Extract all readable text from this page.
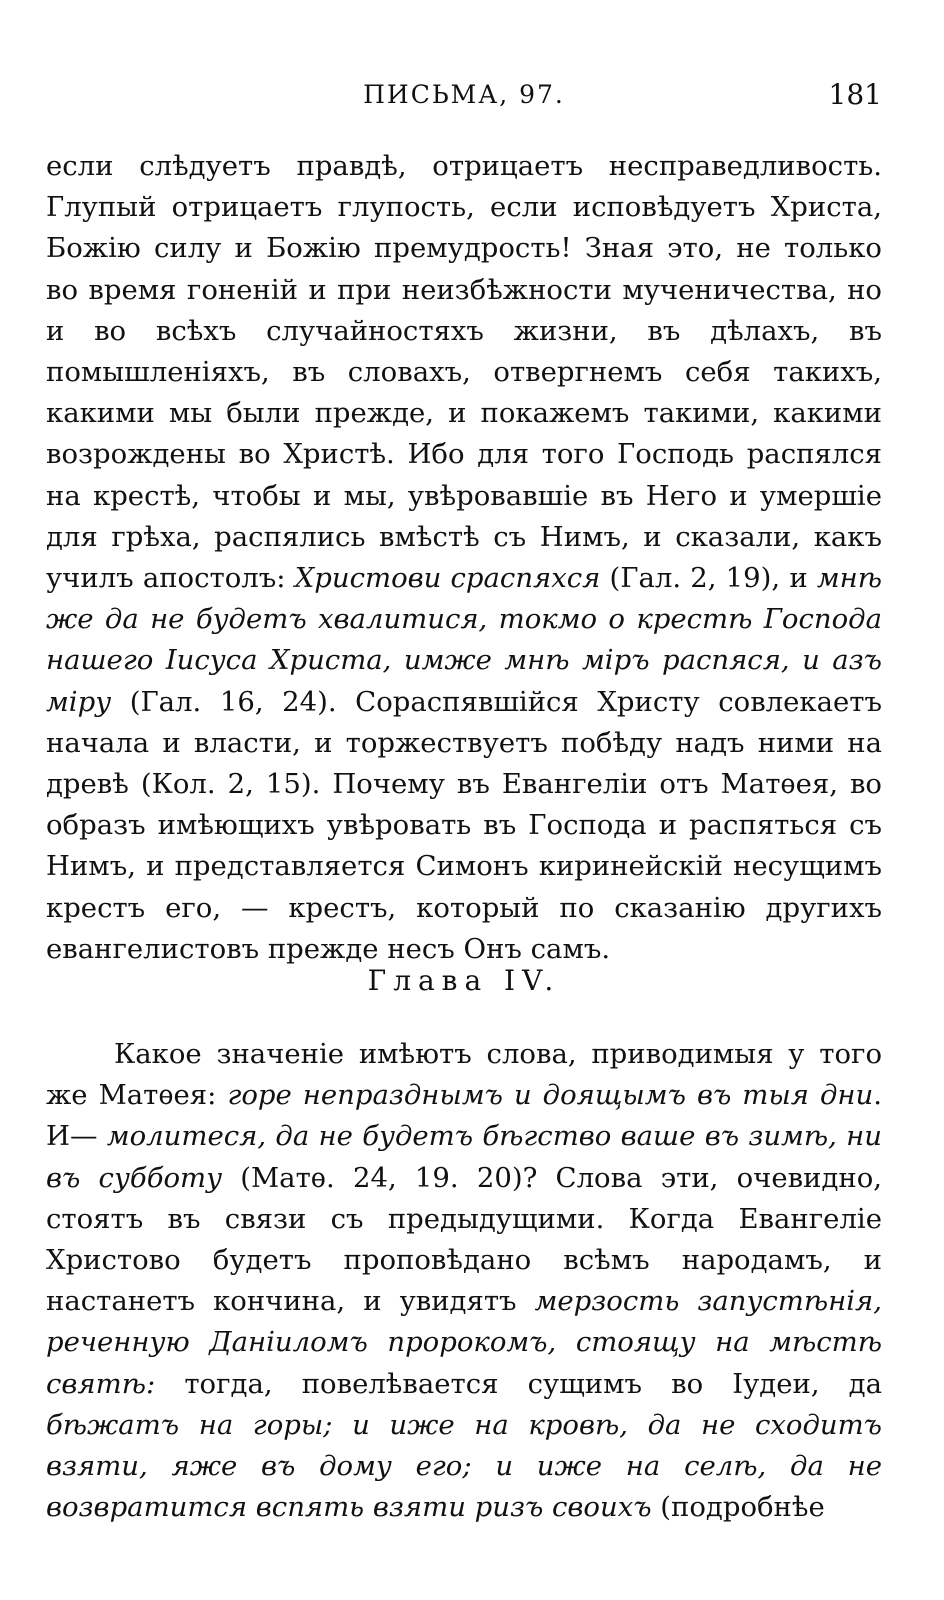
ПИСЬМА, 97.	181

если слѣдуетъ правдѣ, отрицаетъ несправедливость. Глупый отрицаетъ глупость, если исповѣдуетъ Христа, Божію силу и Божію премудрость! Зная это, не только во время гоненій и при неизбѣжности мученичества, но и во всѣхъ случайностяхъ жизни, въ дѣлахъ, въ помышленіяхъ, въ словахъ, отвергнемъ себя такихъ, какими мы были прежде, и покажемъ такими, какими возрождены во Христѣ. Ибо для того Господь распялся на крестѣ, чтобы и мы, увѣровавшіе въ Него и умершіе для грѣха, распялись вмѣстѣ съ Нимъ, и сказали, какъ училъ апостолъ: Христови сраспяхся (Гал. 2, 19), и мнѣ же да не будетъ хвалитися, токмо о крестѣ Господа нашего Іисуса Христа, имже мнѣ міръ распяся, и азъ міру (Гал. 16, 24). Сораспявшійся Христу совлекаетъ начала и власти, и торжествуетъ побѣду надъ ними на древѣ (Кол. 2, 15). Почему въ Евангеліи отъ Матѳея, во образъ имѣющихъ увѣровать въ Господа и распяться съ Нимъ, и представляется Симонъ киринейскій несущимъ крестъ его, — крестъ, который по сказанію другихъ евангелистовъ прежде несъ Онъ самъ.

Глава IV.

Какое значеніе имѣютъ слова, приводимыя у того же Матѳея: горе непразднымъ и доящымъ въ тыя дни. И— молитеся, да не будетъ бѣгство ваше въ зимѣ, ни въ субботу (Матѳ. 24, 19. 20)? Слова эти, очевидно, стоятъ въ связи съ предыдущими. Когда Евангеліе Христово будетъ проповѣдано всѣмъ народамъ, и настанетъ кончина, и увидятъ мерзость запустѣнія, реченную Даніиломъ пророкомъ, стоящу на мѣстѣ святѣ: тогда, повелѣвается сущимъ во Іудеи, да бѣжатъ на горы; и иже на кровѣ, да не сходитъ взяти, яже въ дому его; и иже на селѣ, да не возвратится вспять взяти ризъ своихъ (подробнѣе
